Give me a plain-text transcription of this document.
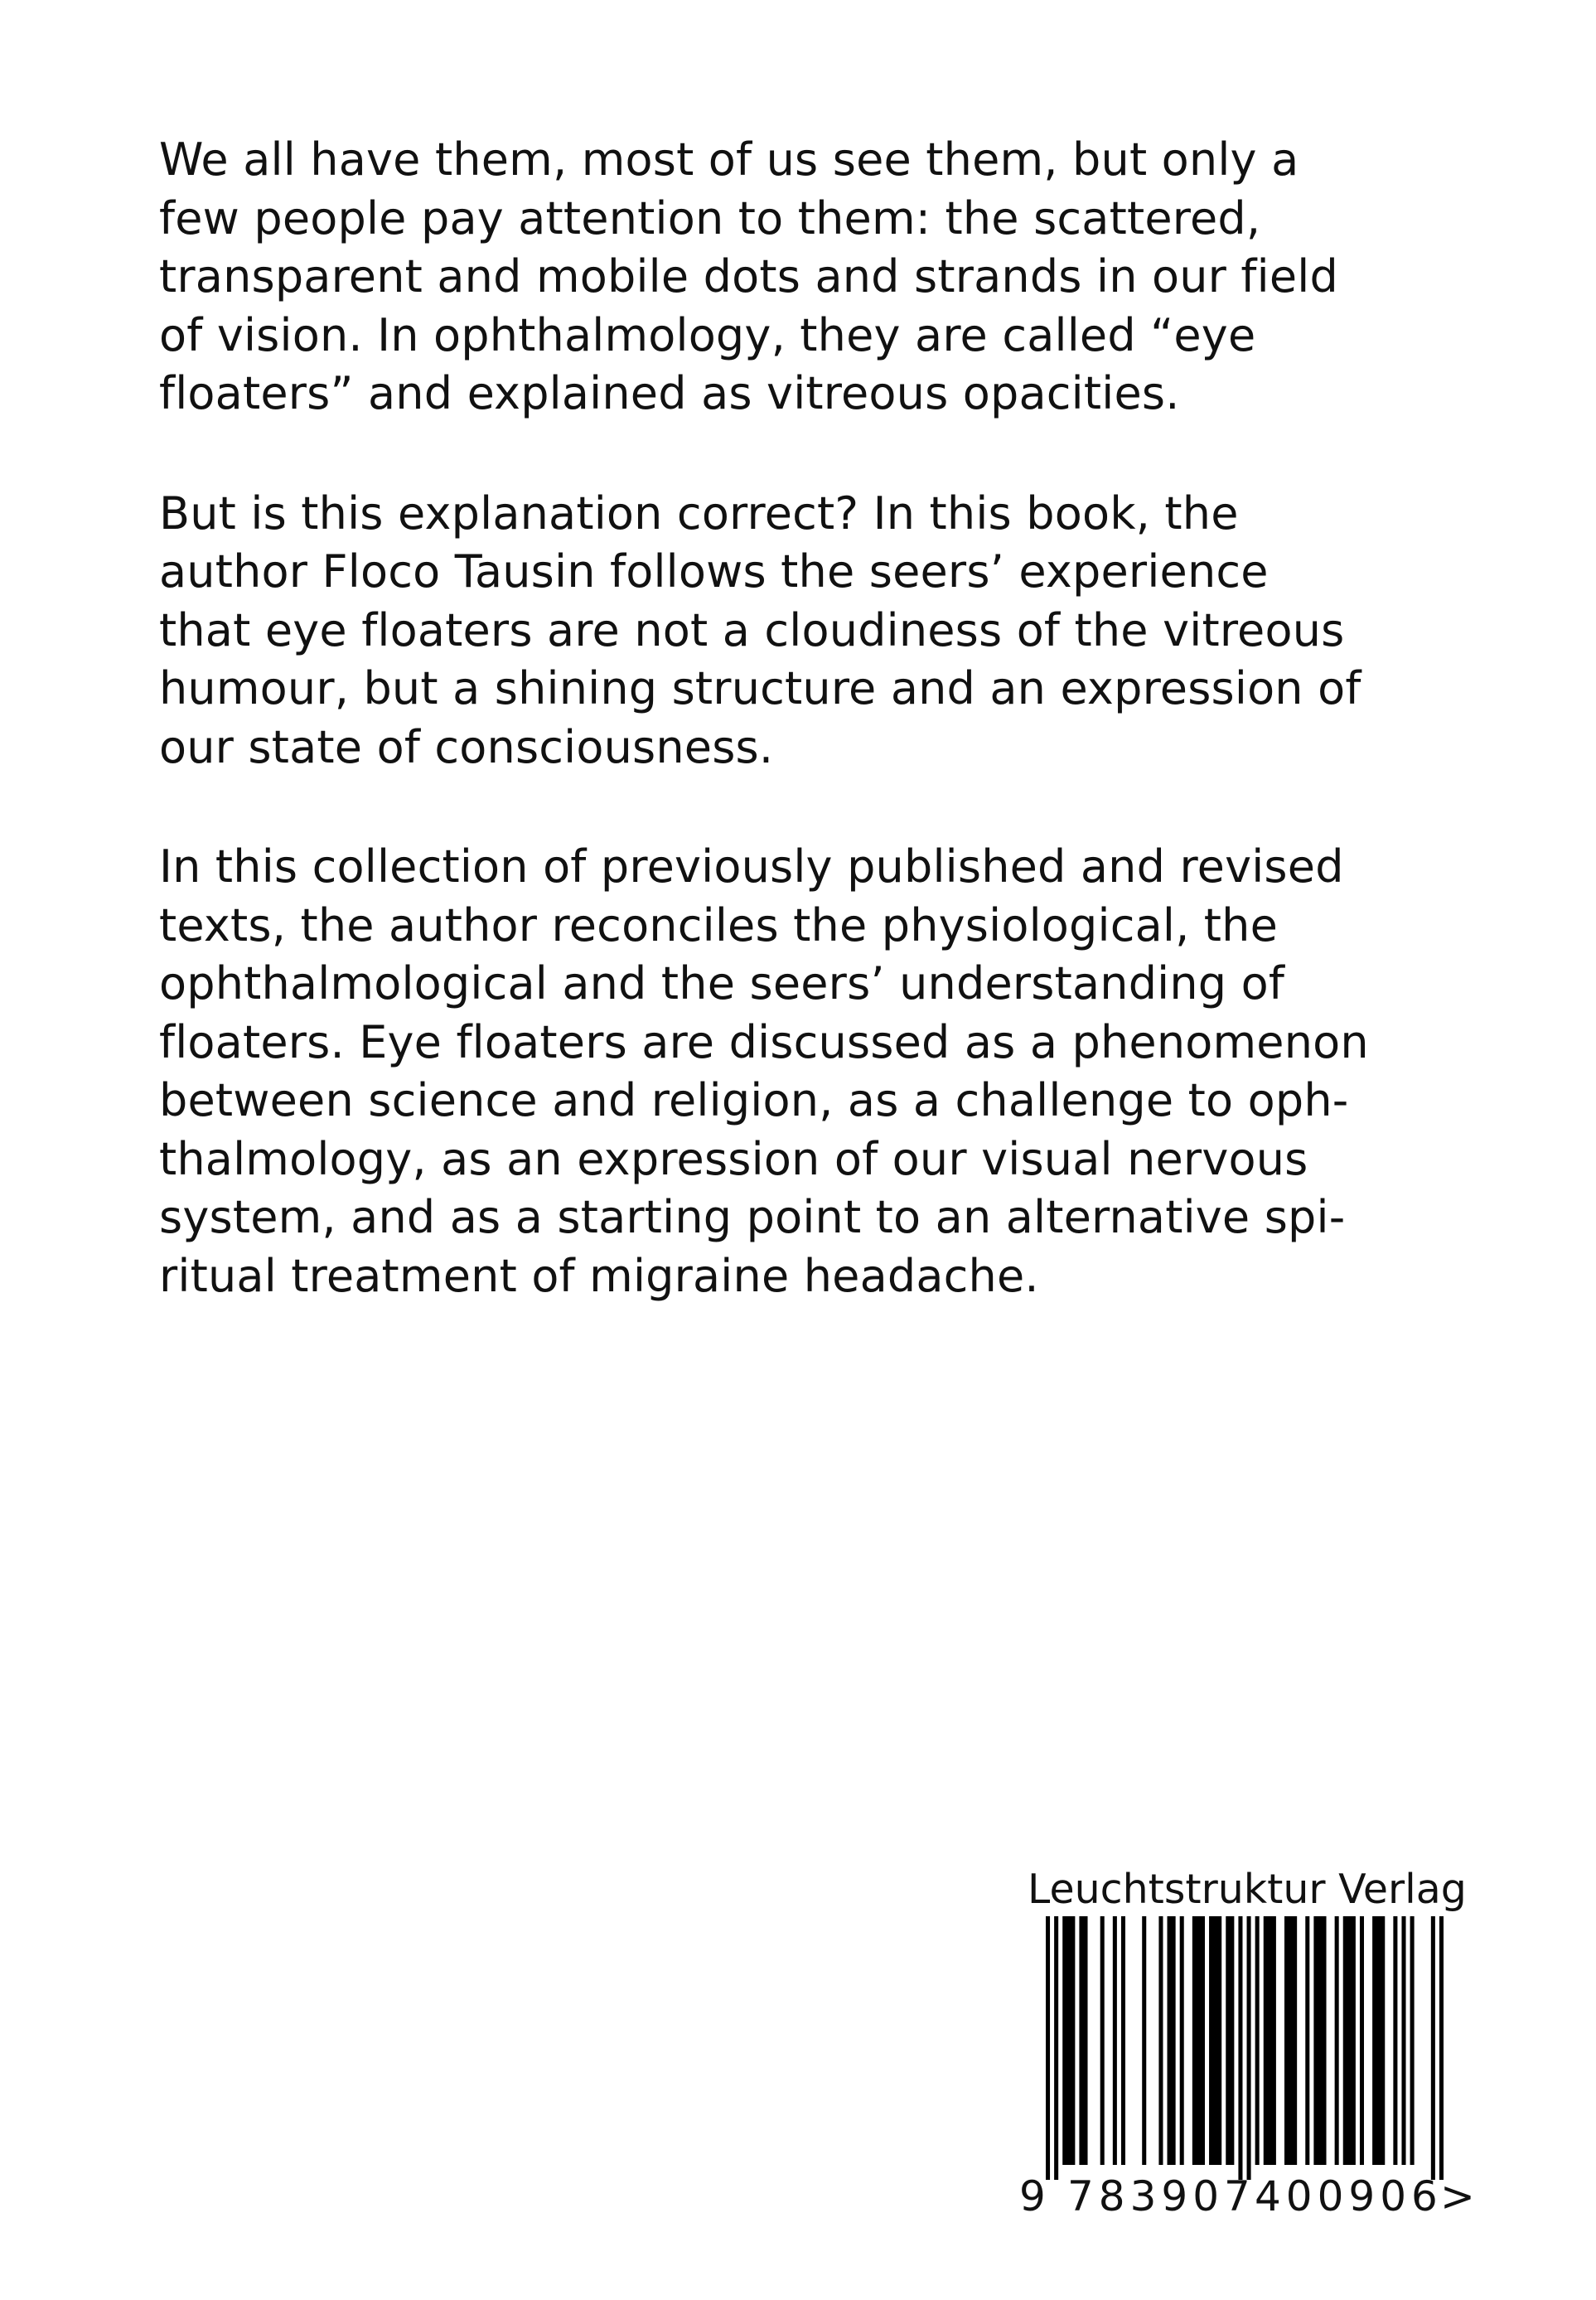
We all have them, most of us see them, but only a
few people pay attention to them: the scattered,
transparent and mobile dots and strands in our field
of vision. In ophthalmology, they are called “eye
floaters” and explained as vitreous opacities.

But is this explanation correct? In this book, the
author Floco Tausin follows the seers’ experience
that eye floaters are not a cloudiness of the vitreous
humour, but a shining structure and an expression of
our state of consciousness.

In this collection of previously published and revised
texts, the author reconciles the physiological, the
ophthalmological and the seers’ understanding of
floaters. Eye floaters are discussed as a phenomenon
between science and religion, as a challenge to oph-
thalmology, as an expression of our visual nervous
system, and as a starting point to an alternative spi-
ritual treatment of migraine headache.

Leuchtstruktur Verlag
9 783907 400906
>
